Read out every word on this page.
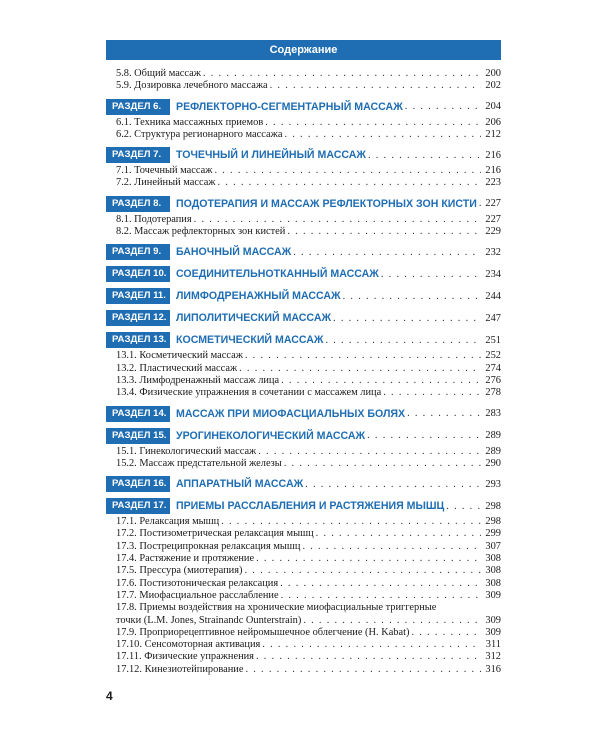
Содержание
5.8. Общий массаж . . .	200
5.9. Дозировка лечебного массажа . . .	202
РАЗДЕЛ 6.	РЕФЛЕКТОРНО-СЕГМЕНТАРНЫЙ МАССАЖ . . .	204
6.1. Техника массажных приемов . . .	206
6.2. Структура регионарного массажа . . .	212
РАЗДЕЛ 7.	ТОЧЕЧНЫЙ И ЛИНЕЙНЫЙ МАССАЖ . . .	216
7.1. Точечный массаж . . .	216
7.2. Линейный массаж . . .	223
РАЗДЕЛ 8.	ПОДОТЕРАПИЯ И МАССАЖ РЕФЛЕКТОРНЫХ ЗОН КИСТИ . . . 227
8.1. Подотерапия . . .	227
8.2. Массаж рефлекторных зон кистей . . .	229
РАЗДЕЛ 9.	БАНОЧНЫЙ МАССАЖ . . .	232
РАЗДЕЛ 10. СОЕДИНИТЕЛЬНОТКАННЫЙ МАССАЖ . . .	234
РАЗДЕЛ 11. ЛИМФОДРЕНАЖНЫЙ МАССАЖ . . .	244
РАЗДЕЛ 12. ЛИПОЛИТИЧЕСКИЙ МАССАЖ . . .	247
РАЗДЕЛ 13. КОСМЕТИЧЕСКИЙ МАССАЖ . . .	251
13.1. Косметический массаж . . .	252
13.2. Пластический массаж . . .	274
13.3. Лимфодренажный массаж лица . . .	276
13.4. Физические упражнения в сочетании с массажем лица . . .	278
РАЗДЕЛ 14. МАССАЖ ПРИ МИОФАСЦИАЛЬНЫХ БОЛЯХ . . .	283
РАЗДЕЛ 15. УРОГИНЕКОЛОГИЧЕСКИЙ МАССАЖ . . .	289
15.1. Гинекологический массаж . . .	289
15.2. Массаж предстательной железы . . .	290
РАЗДЕЛ 16. АППАРАТНЫЙ МАССАЖ . . .	293
РАЗДЕЛ 17. ПРИЕМЫ РАССЛАБЛЕНИЯ И РАСТЯЖЕНИЯ МЫШЦ . . .	298
17.1. Релаксация мышц . . .	298
17.2. Постизометрическая релаксация мышц . . .	299
17.3. Постреципрокная релаксация мышц . . .	307
17.4. Растяжение и протяжение . . .	308
17.5. Прессура (миотерапия) . . .	308
17.6. Постизотоническая релаксация . . .	308
17.7. Миофасциальное расслабление . . .	309
17.8. Приемы воздействия на хронические миофасциальные триггерные
точки (L.M. Jones, Strainandc Ounterstrain) . . .	309
17.9. Проприорецептивное нейромышечное облегчение (H. Kabat) . . .	309
17.10. Сенсомоторная активация . . .	311
17.11. Физические упражнения . . .	312
17.12. Кинезиотейпирование . . .	316
4
